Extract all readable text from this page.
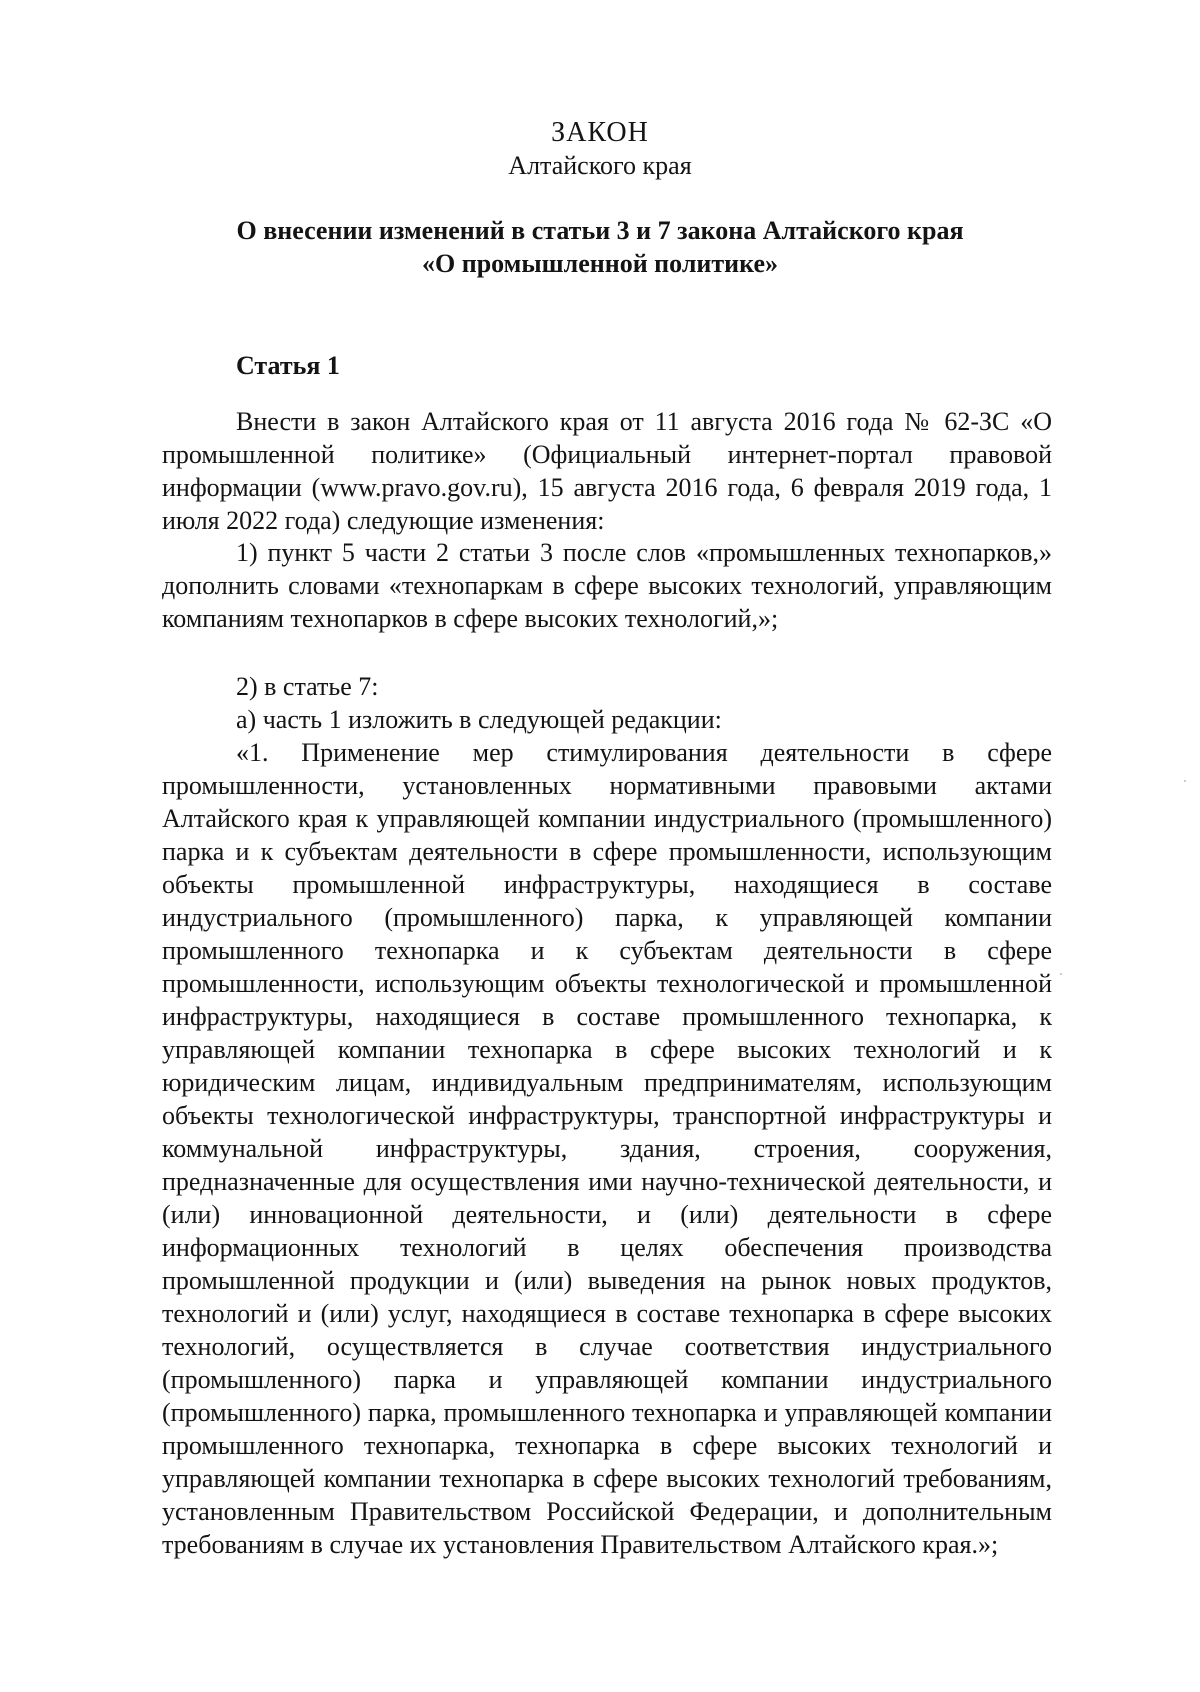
ЗАКОН
Алтайского края
О внесении изменений в статьи 3 и 7 закона Алтайского края
«О промышленной политике»
Статья 1

Внести в закон Алтайского края от 11 августа 2016 года № 62-ЗС «О промышленной политике» (Официальный интернет-портал правовой информации (www.pravo.gov.ru), 15 августа 2016 года, 6 февраля 2019 года, 1 июля 2022 года) следующие изменения:

1) пункт 5 части 2 статьи 3 после слов «промышленных технопарков,» дополнить словами «технопаркам в сфере высоких технологий, управляющим компаниям технопарков в сфере высоких технологий,»;

2) в статье 7:

а) часть 1 изложить в следующей редакции:

«1. Применение мер стимулирования деятельности в сфере промышленности, установленных нормативными правовыми актами Алтайского края к управляющей компании индустриального (промышленного) парка и к субъектам деятельности в сфере промышленности, использующим объекты промышленной инфраструктуры, находящиеся в составе индустриального (промышленного) парка, к управляющей компании промышленного технопарка и к субъектам деятельности в сфере промышленности, использующим объекты технологической и промышленной инфраструктуры, находящиеся в составе промышленного технопарка, к управляющей компании технопарка в сфере высоких технологий и к юридическим лицам, индивидуальным предпринимателям, использующим объекты технологической инфраструктуры, транспортной инфраструктуры и коммунальной инфраструктуры, здания, строения, сооружения, предназначенные для осуществления ими научно-технической деятельности, и (или) инновационной деятельности, и (или) деятельности в сфере информационных технологий в целях обеспечения производства промышленной продукции и (или) выведения на рынок новых продуктов, технологий и (или) услуг, находящиеся в составе технопарка в сфере высоких технологий, осуществляется в случае соответствия индустриального (промышленного) парка и управляющей компании индустриального (промышленного) парка, промышленного технопарка и управляющей компании промышленного технопарка, технопарка в сфере высоких технологий и управляющей компании технопарка в сфере высоких технологий требованиям, установленным Правительством Российской Федерации, и дополнительным требованиям в случае их установления Правительством Алтайского края.»;
